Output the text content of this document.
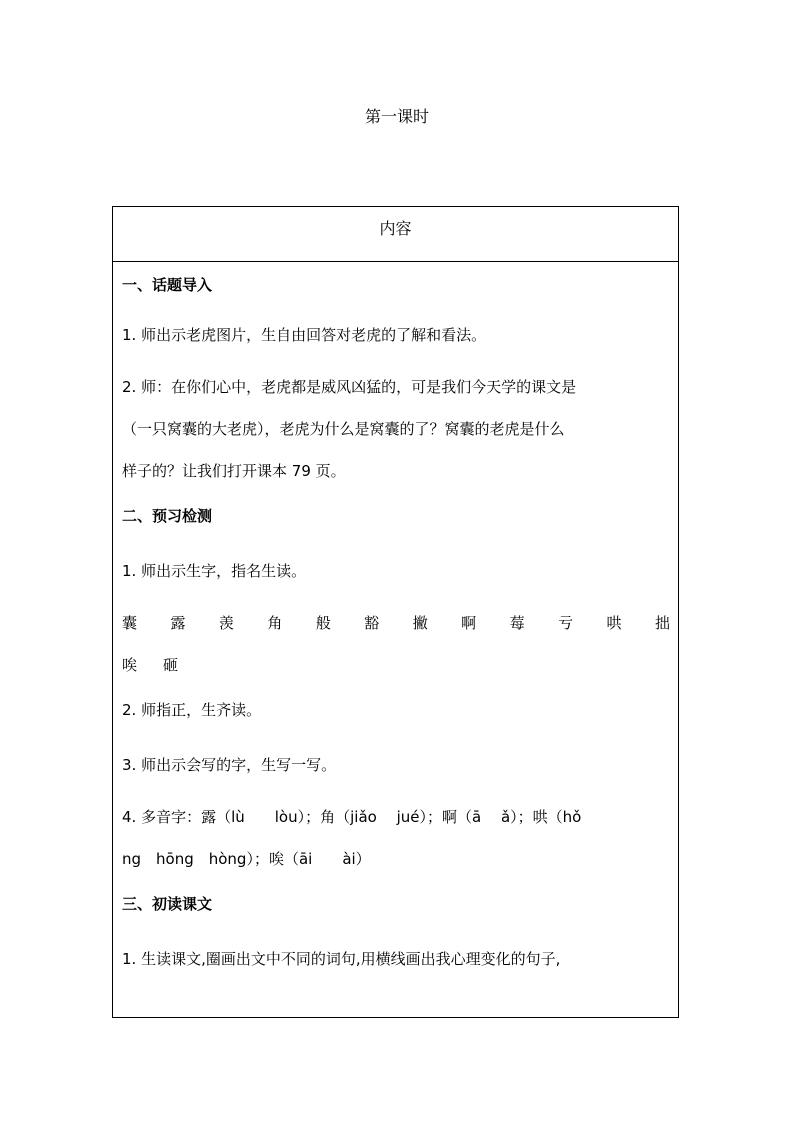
第一课时
内容
一、话题导入
1. 师出示老虎图片，生自由回答对老虎的了解和看法。
2. 师：在你们心中，老虎都是威风凶猛的，可是我们今天学的课文是
（一只窝囊的大老虎），老虎为什么是窝囊的了？窝囊的老虎是什么
样子的？让我们打开课本 79 页。
二、预习检测
1. 师出示生字，指名生读。
囊 露 羡 角 般 豁 撇 啊 莓 亏 哄 拙
唉 砸
2. 师指正，生齐读。
3. 师出示会写的字，生写一写。
4. 多音字：露（lù　　lòu）；角（jiǎo　 jué）；啊（ā　 ǎ）；哄（hǒ
ng　hōng　hòng）；唉（āi　　ài）
三、初读课文
1. 生读课文,圈画出文中不同的词句,用横线画出我心理变化的句子,
